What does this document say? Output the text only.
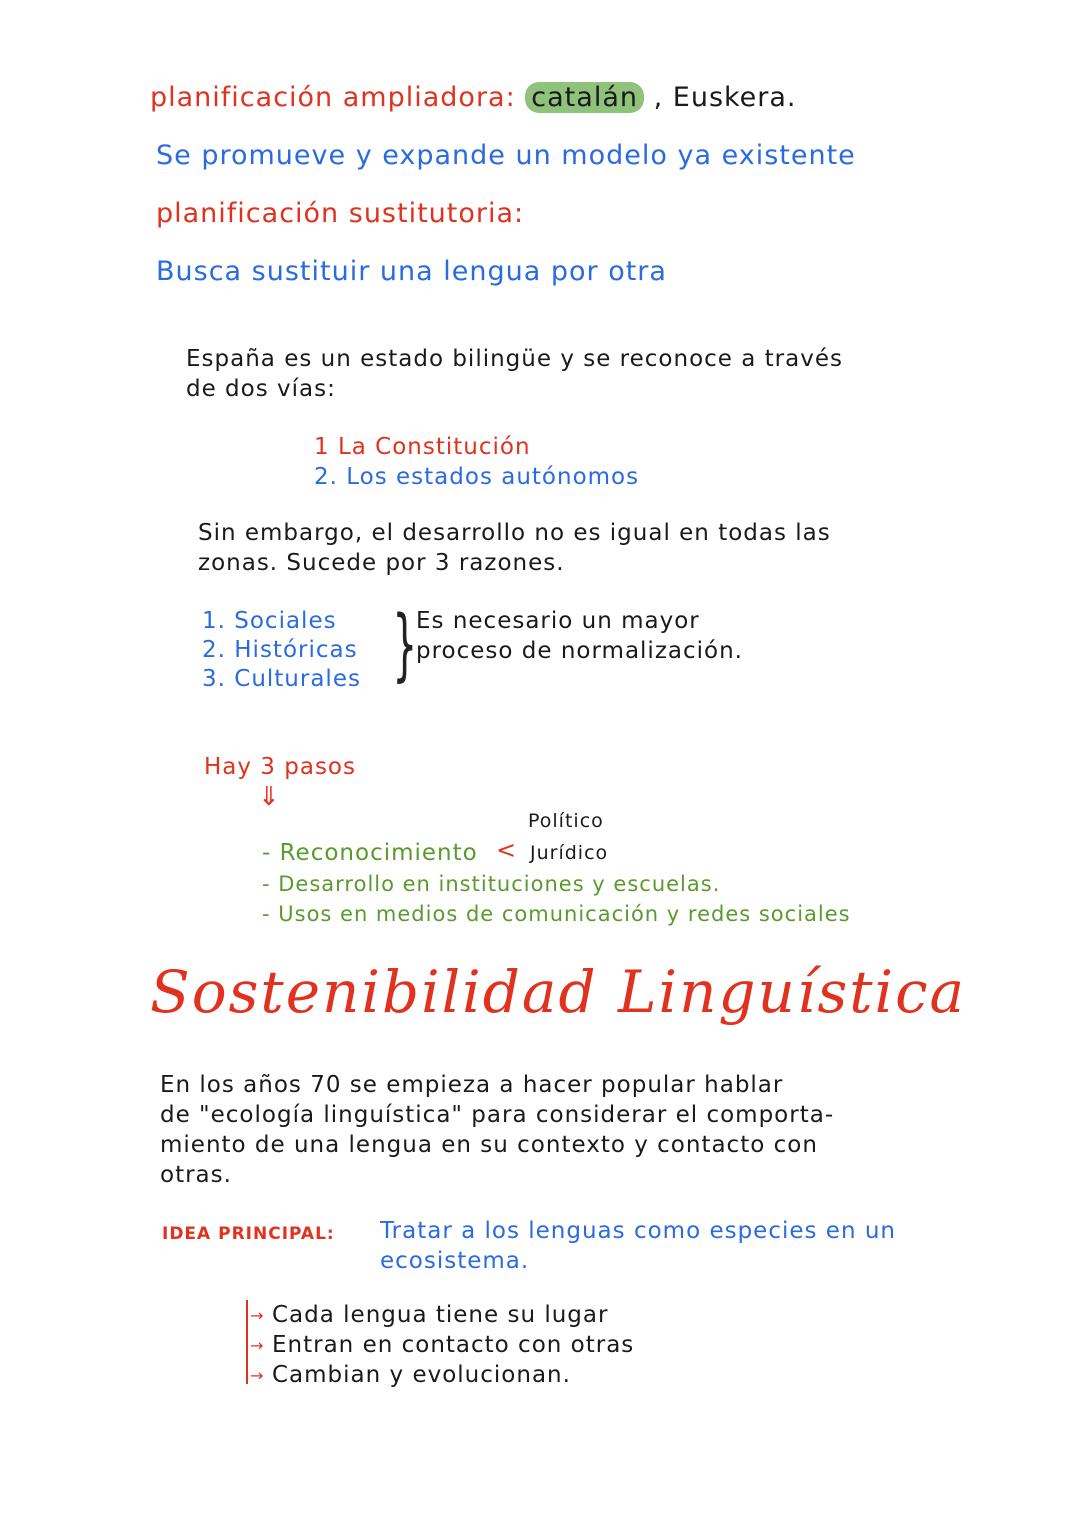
planificación ampliadora: catalán , Euskera.
Se promueve y expande un modelo ya existente
planificación sustitutoria:
Busca sustituir una lengua por otra
España es un estado bilingüe y se reconoce a través
de dos vías:
1 La Constitución
2. Los estados autónomos
Sin embargo, el desarrollo no es igual en todas las
zonas. Sucede por 3 razones.
1. Sociales
2. Históricas
3. Culturales }
Es necesario un mayor
proceso de normalización.
Hay 3 pasos
⇓
Político
- Reconocimiento < Jurídico
- Desarrollo en instituciones y escuelas.
- Usos en medios de comunicación y redes sociales
Sostenibilidad Linguística
En los años 70 se empieza a hacer popular hablar
de "ecología linguística" para considerar el comporta-
miento de una lengua en su contexto y contacto con
otras.
IDEA PRINCIPAL: Tratar a los lenguas como especies en un
ecosistema.
→
→
→
Cada lengua tiene su lugar
Entran en contacto con otras
Cambian y evolucionan.
